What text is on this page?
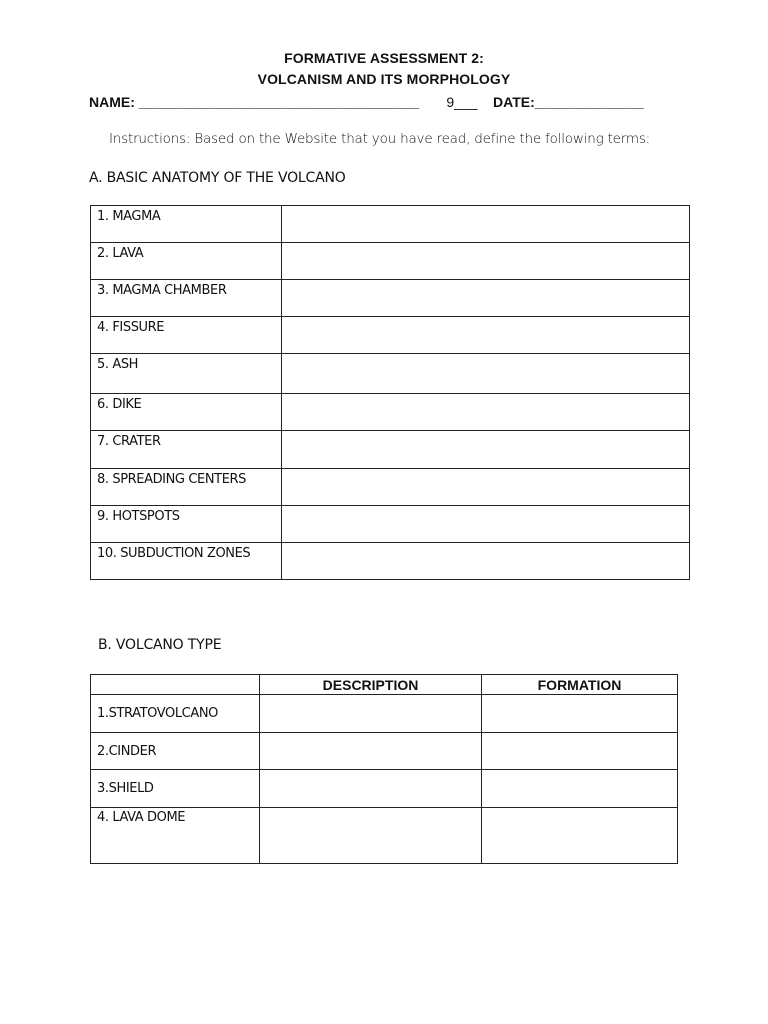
FORMATIVE ASSESSMENT 2:
VOLCANISM AND ITS MORPHOLOGY
NAME: ____________________________________ 9___ DATE:______________
Instructions: Based on the Website that you have read, define the following terms:
A. BASIC ANATOMY OF THE VOLCANO
1. MAGMA	
2. LAVA	
3. MAGMA CHAMBER	
4. FISSURE	
5. ASH	
6. DIKE	
7. CRATER	
8. SPREADING CENTERS	
9. HOTSPOTS	
10. SUBDUCTION ZONES	
B. VOLCANO TYPE
	DESCRIPTION	FORMATION
1.STRATOVOLCANO		
2.CINDER		
3.SHIELD		
4. LAVA DOME		
